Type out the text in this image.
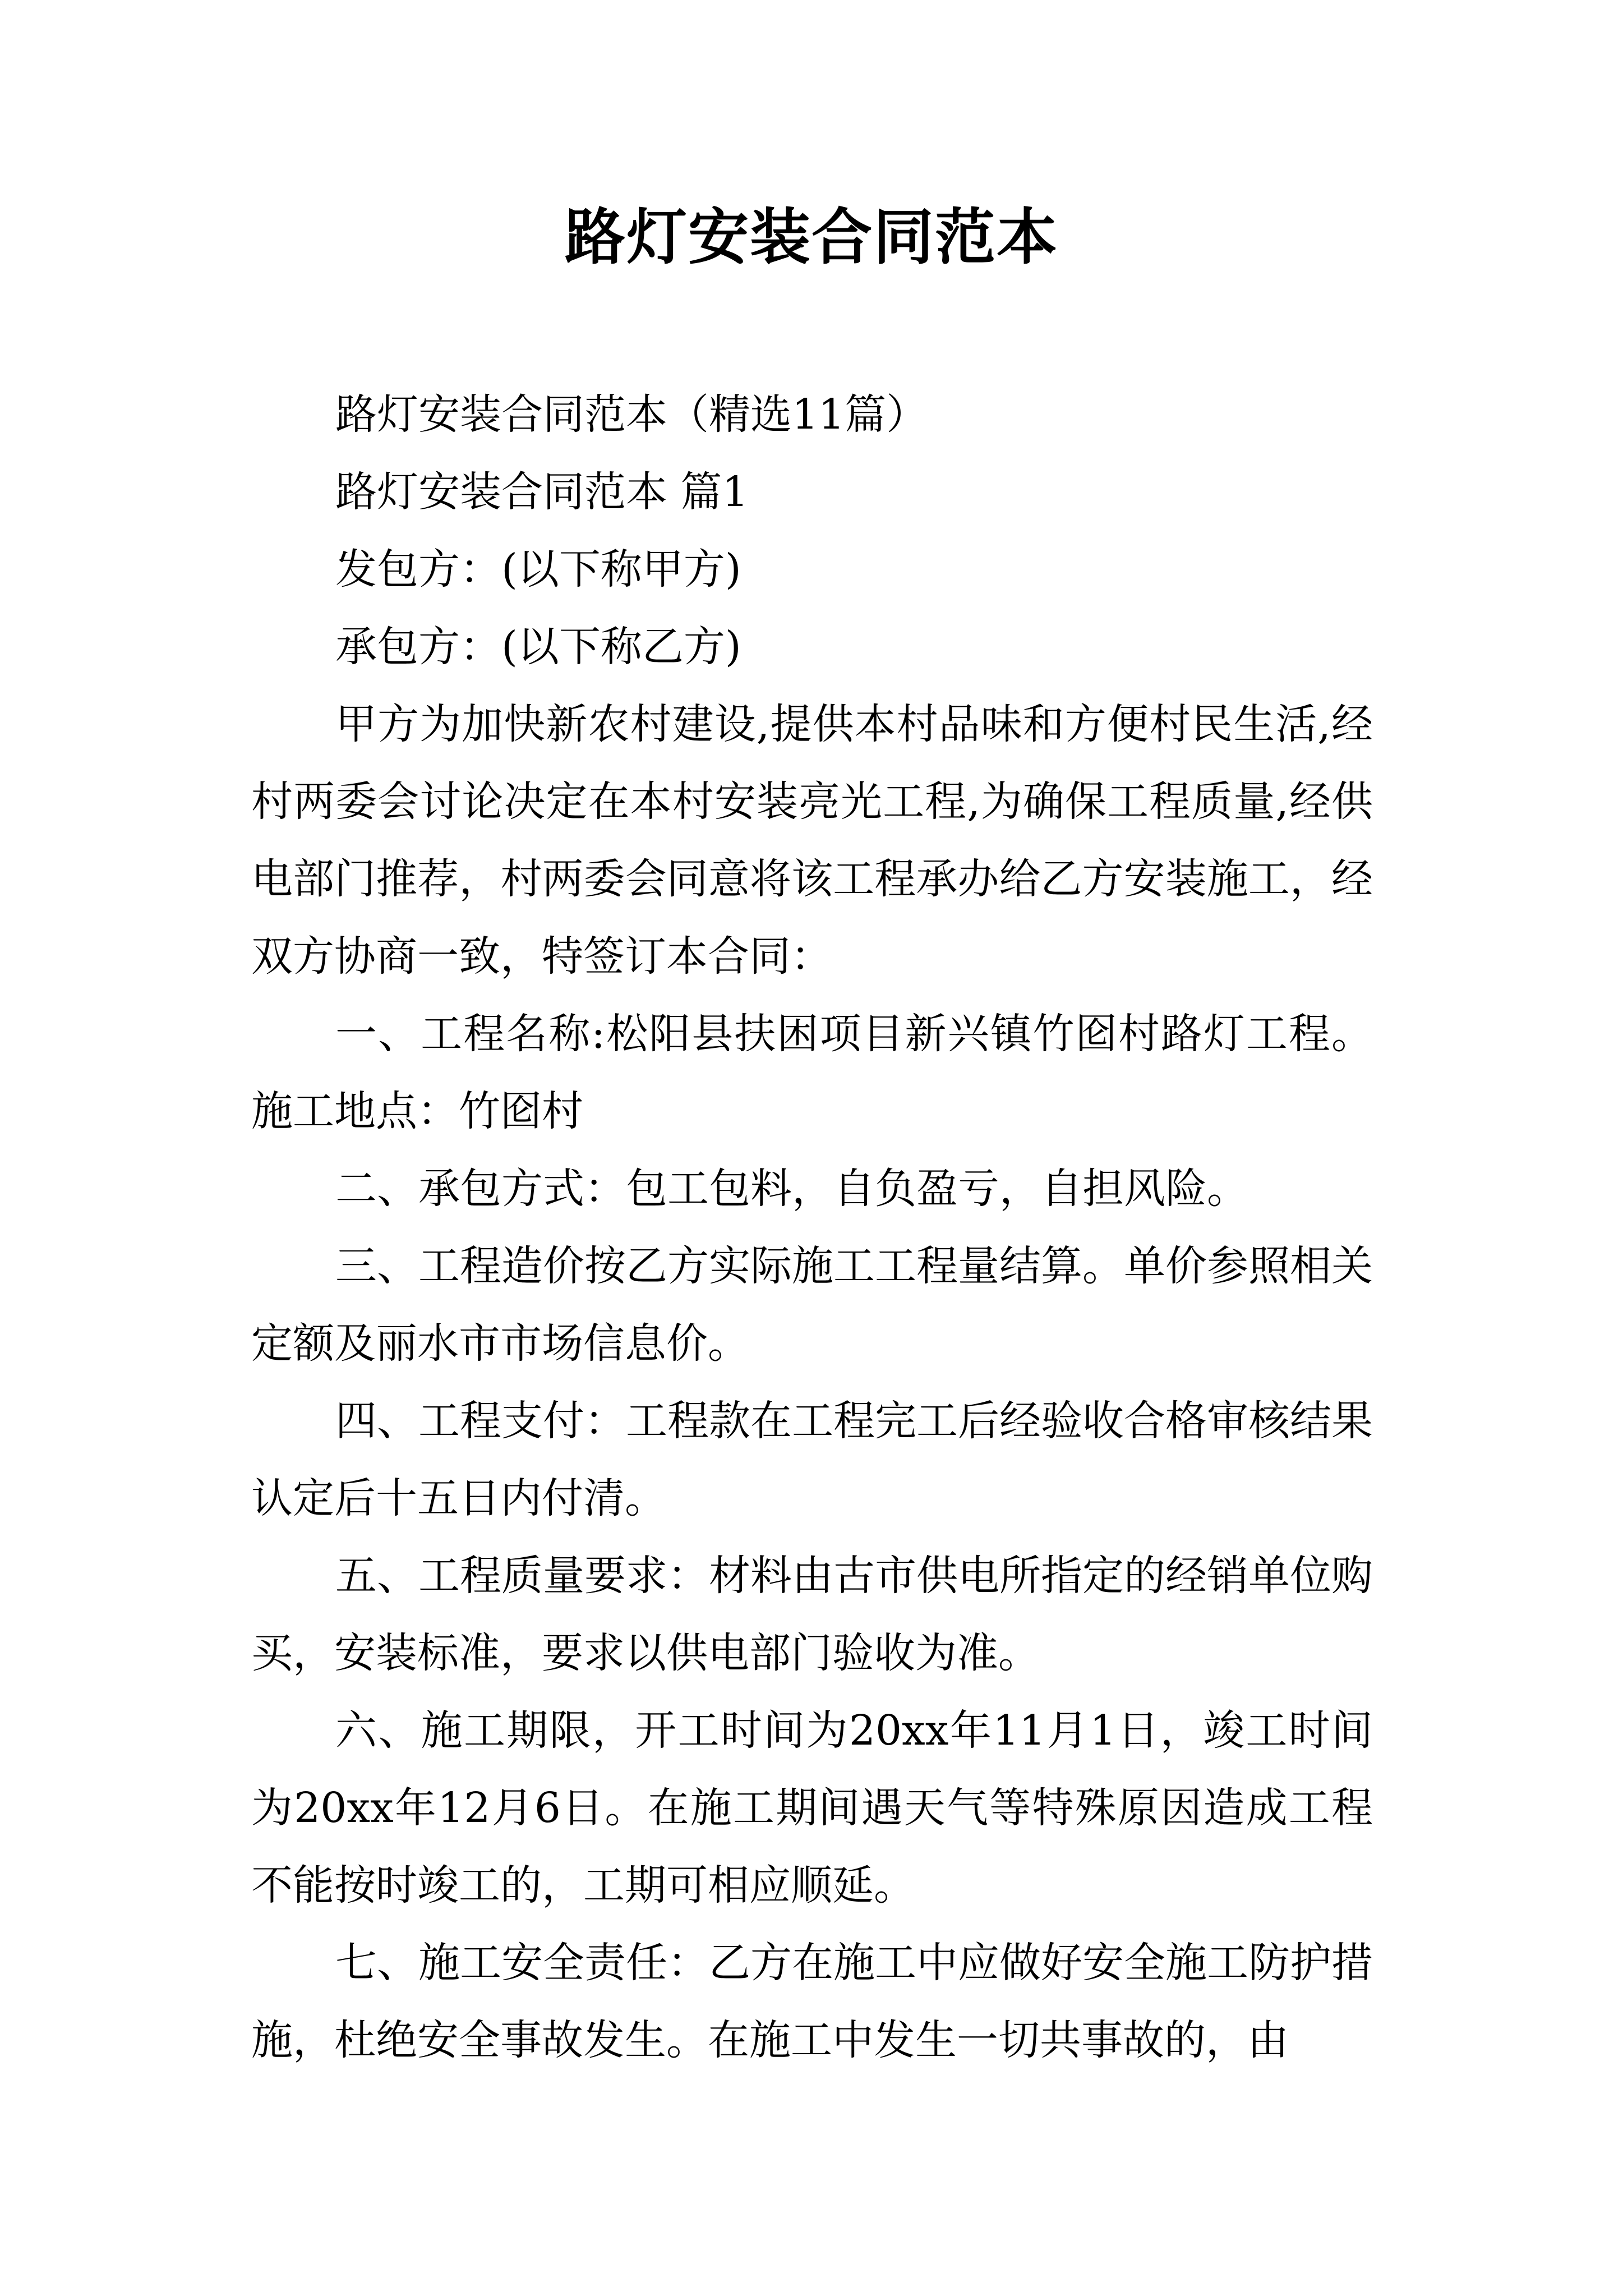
路灯安装合同范本

路灯安装合同范本（精选11篇）

路灯安装合同范本 篇1

发包方：(以下称甲方)

承包方：(以下称乙方)

甲方为加快新农村建设,提供本村品味和方便村民生活,经村两委会讨论决定在本村安装亮光工程,为确保工程质量,经供电部门推荐，村两委会同意将该工程承办给乙方安装施工，经双方协商一致，特签订本合同：

一、工程名称:松阳县扶困项目新兴镇竹囵村路灯工程。施工地点：竹囵村

二、承包方式：包工包料，自负盈亏，自担风险。

三、工程造价按乙方实际施工工程量结算。单价参照相关定额及丽水市市场信息价。

四、工程支付：工程款在工程完工后经验收合格审核结果认定后十五日内付清。

五、工程质量要求：材料由古市供电所指定的经销单位购买，安装标准，要求以供电部门验收为准。

六、施工期限，开工时间为20xx年11月1日，竣工时间为20xx年12月6日。在施工期间遇天气等特殊原因造成工程不能按时竣工的，工期可相应顺延。

七、施工安全责任：乙方在施工中应做好安全施工防护措施，杜绝安全事故发生。在施工中发生一切共事故的，由
